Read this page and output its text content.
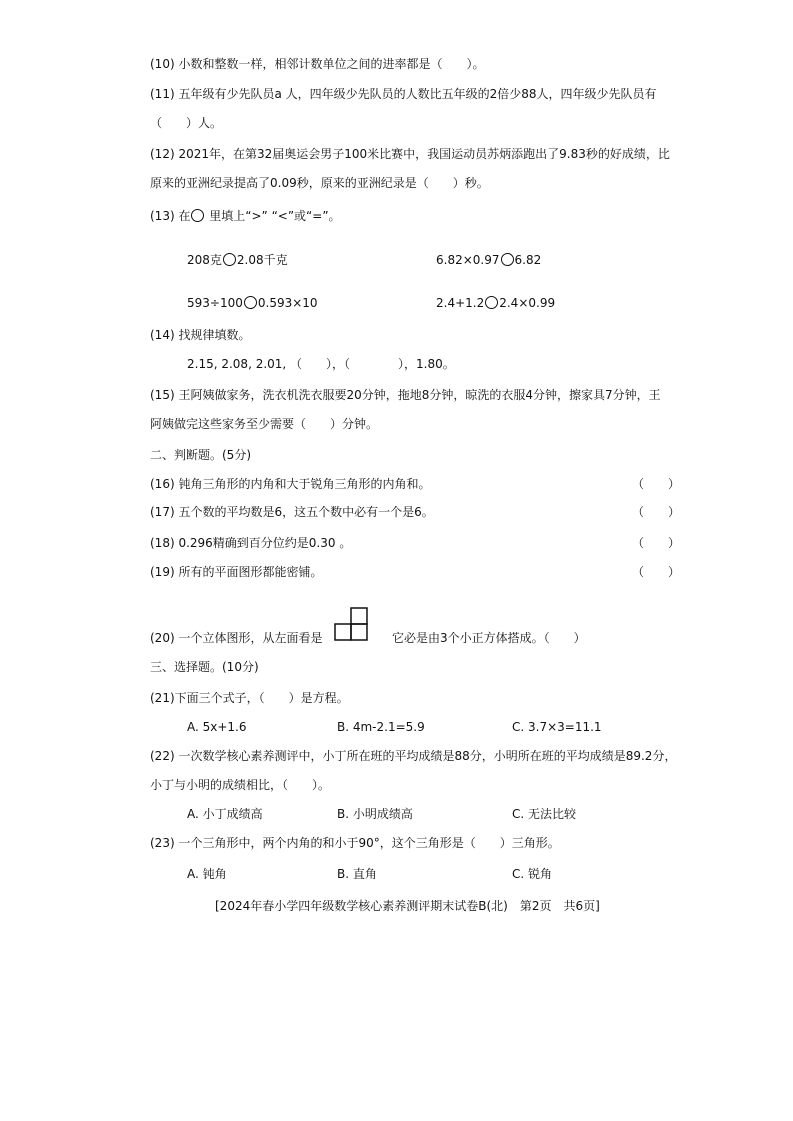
(10) 小数和整数一样，相邻计数单位之间的进率都是（　　）。
(11) 五年级有少先队员a 人，四年级少先队员的人数比五年级的2倍少88人，四年级少先队员有
（　　）人。
(12) 2021年，在第32届奥运会男子100米比赛中，我国运动员苏炳添跑出了9.83秒的好成绩，比
原来的亚洲纪录提高了0.09秒，原来的亚洲纪录是（　　）秒。
(13) 在 里填上“>” “<”或“=”。
208克 2.08千克	6.82×0.97 6.82
593÷100 0.593×10	2.4+1.2 2.4×0.99
(14) 找规律填数。
2.15, 2.08, 2.01, （　　），（　　　　），1.80。
(15) 王阿姨做家务，洗衣机洗衣服要20分钟，拖地8分钟，晾洗的衣服4分钟，擦家具7分钟，王
阿姨做完这些家务至少需要（　　）分钟。
二、判断题。(5分)
(16) 钝角三角形的内角和大于锐角三角形的内角和。	（　　）
(17) 五个数的平均数是6，这五个数中必有一个是6。	（　　）
(18) 0.296精确到百分位约是0.30 。	（　　）
(19) 所有的平面图形都能密铺。	（　　）
(20) 一个立体图形，从左面看是	它必是由3个小正方体搭成。（　　）
三、选择题。(10分)
(21)下面三个式子，（　　）是方程。
A. 5x+1.6	B. 4m-2.1=5.9	C. 3.7×3=11.1
(22) 一次数学核心素养测评中，小丁所在班的平均成绩是88分，小明所在班的平均成绩是89.2分，
小丁与小明的成绩相比，（　　）。
A. 小丁成绩高	B. 小明成绩高	C. 无法比较
(23) 一个三角形中，两个内角的和小于90°，这个三角形是（　　）三角形。
A. 钝角	B. 直角	C. 锐角
[2024年春小学四年级数学核心素养测评期末试卷B(北)　第2页　共6页]
